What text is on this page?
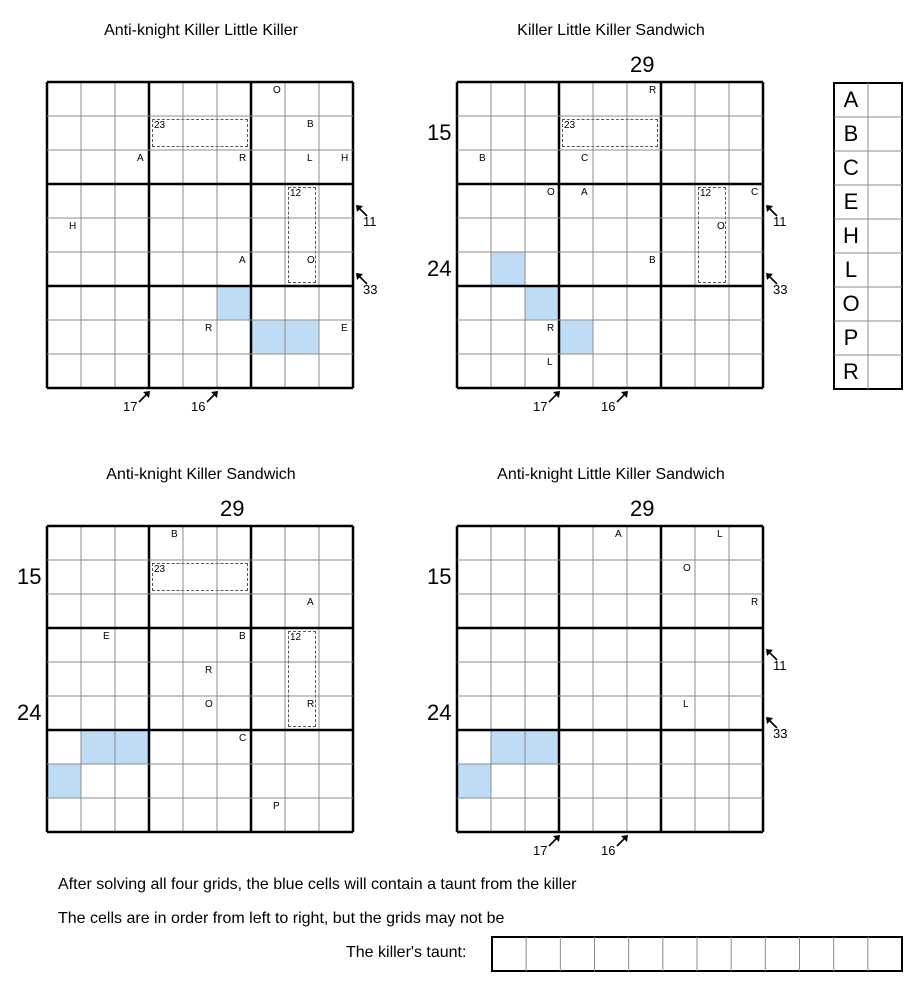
Anti-knight Killer Little Killer	Killer Little Killer Sandwich
Anti-knight Killer Sandwich	Anti-knight Little Killer Sandwich
23
12
O
B
A	R	L	H
H
A	O
R	E
11
33
17	16
23
12
R
B	C
O	A	C
O
B
R
L
29
15
24
11
33
17	16
23
12
B
A
E	B
R
O	R
C
P
29
15
24
A	L
O
R
L
29
15
24
11
33
17	16
A
B
C
E
H
L
O
P
R
After solving all four grids, the blue cells will contain a taunt from the killer
The cells are in order from left to right, but the grids may not be
The killer's taunt:
